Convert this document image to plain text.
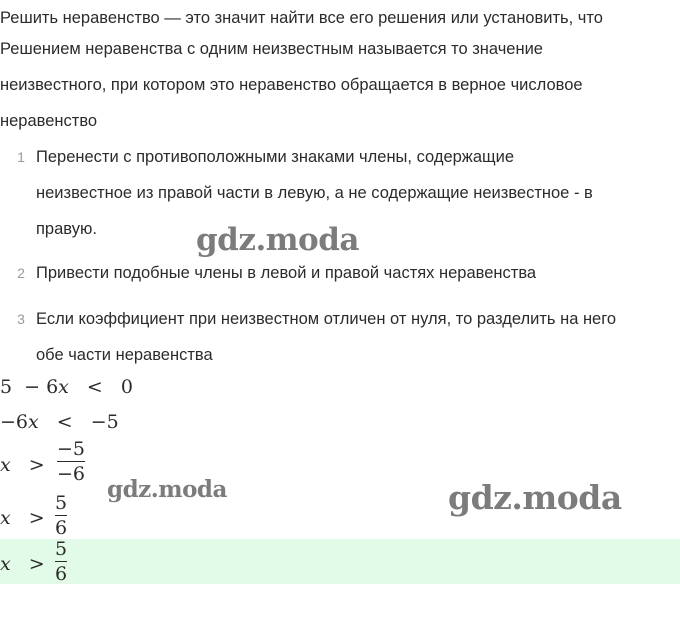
Решить неравенство — это значит найти все его решения или установить, что

Решением неравенства с одним неизвестным называется то значение

неизвестного, при котором это неравенство обращается в верное числовое

неравенство

1 Перенести с противоположными знаками члены, содержащие
неизвестное из правой части в левую, а не содержащие неизвестное - в
правую.
2 Привести подобные члены в левой и правой частях неравенства
3 Если коэффициент при неизвестном отличен от нуля, то разделить на него
обе части неравенства
5 − 6x < 0
−6x < −5
x >
−5
−6
x >
5
6
x >
5
6
gdz.moda
gdz.moda	gdz.moda
